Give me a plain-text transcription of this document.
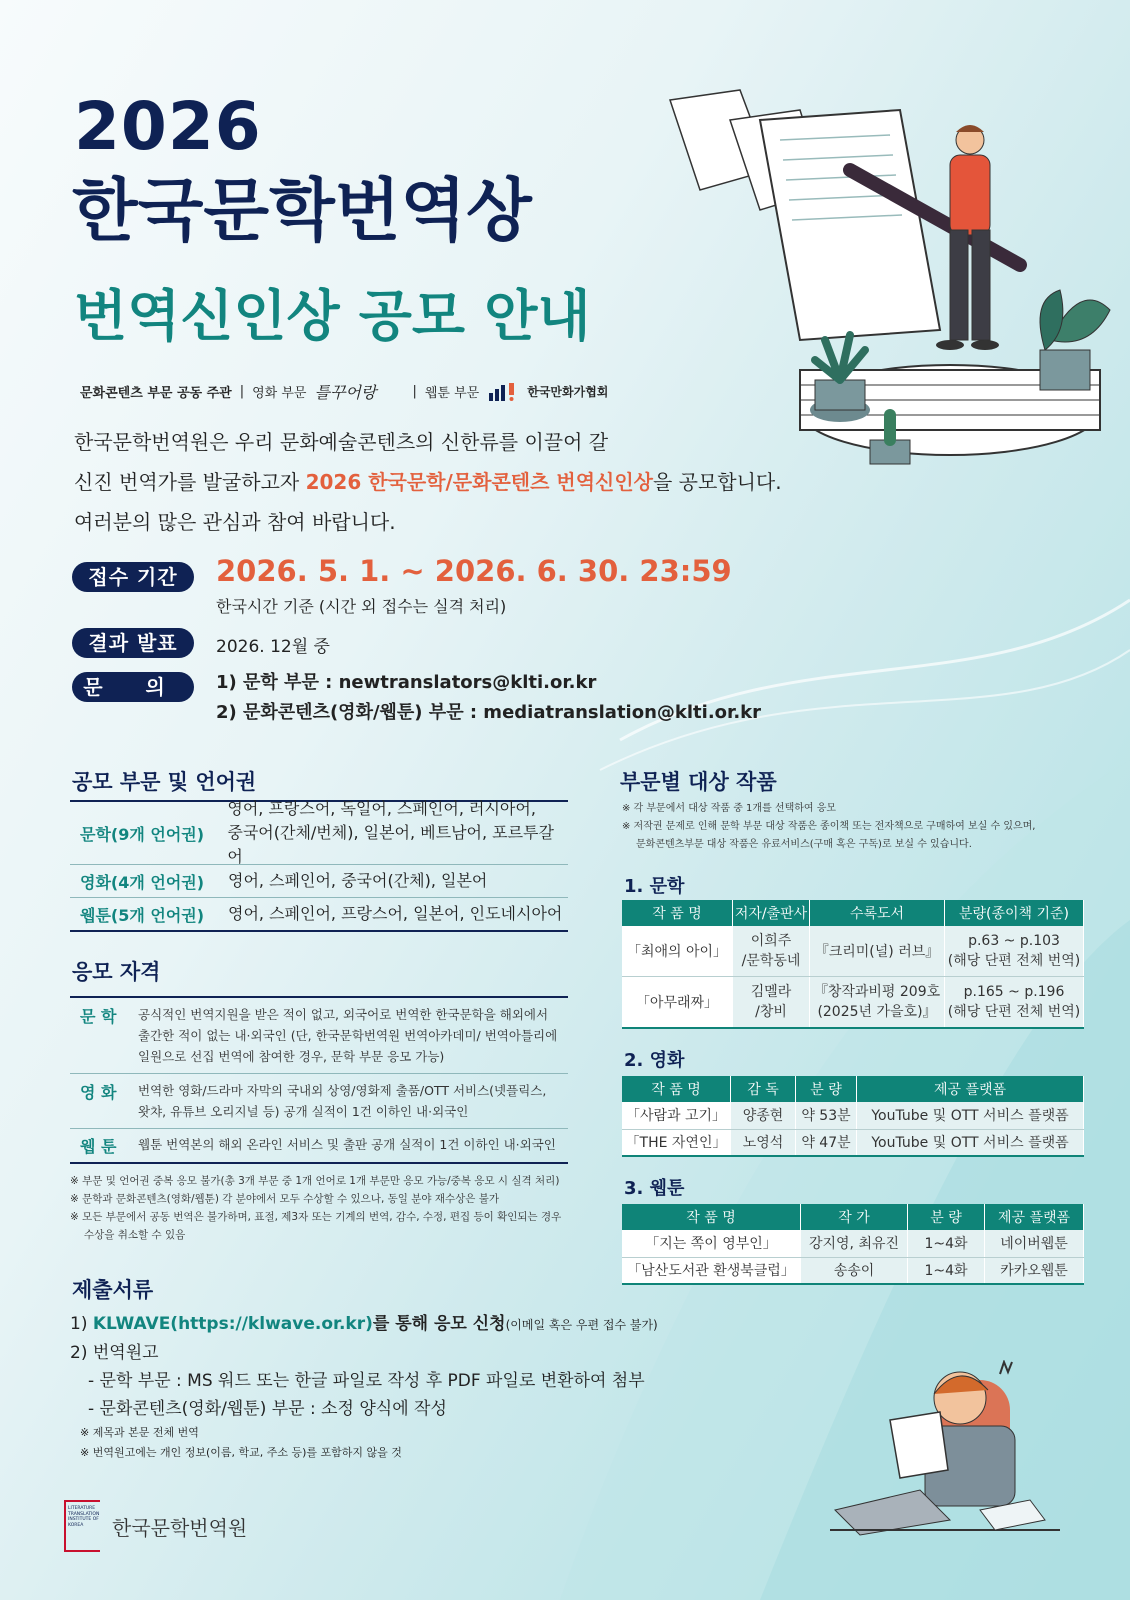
2026
한국문학번역상
번역신인상 공모 안내
문화콘텐츠 부문 공동 주관 | 영화 부문 틀꾸어랑	| 웹툰 부문	한국만화가협회
한국문학번역원은 우리 문화예술콘텐츠의 신한류를 이끌어 갈
신진 번역가를 발굴하고자 2026 한국문학/문화콘텐츠 번역신인상을 공모합니다.
여러분의 많은 관심과 참여 바랍니다.
접수 기간	2026. 5. 1. ~ 2026. 6. 30. 23:59
한국시간 기준 (시간 외 접수는 실격 처리)
결과 발표	2026. 12월 중
문 의	1) 문학 부문 : newtranslators@klti.or.kr
2) 문화콘텐츠(영화/웹툰) 부문 : mediatranslation@klti.or.kr
공모 부문 및 언어권
문학(9개 언어권)
영어, 프랑스어, 독일어, 스페인어, 러시아어,
중국어(간체/번체), 일본어, 베트남어, 포르투갈어
영화(4개 언어권)	영어, 스페인어, 중국어(간체), 일본어
웹툰(5개 언어권)	영어, 스페인어, 프랑스어, 일본어, 인도네시아어
응모 자격
문 학	공식적인 번역지원을 받은 적이 없고, 외국어로 번역한 한국문학을 해외에서
출간한 적이 없는 내·외국인 (단, 한국문학번역원 번역아카데미/ 번역아틀리에
일원으로 선집 번역에 참여한 경우, 문학 부문 응모 가능)
영 화	번역한 영화/드라마 자막의 국내외 상영/영화제 출품/OTT 서비스(넷플릭스,
왓챠, 유튜브 오리지널 등) 공개 실적이 1건 이하인 내·외국인
웹 툰	웹툰 번역본의 해외 온라인 서비스 및 출판 공개 실적이 1건 이하인 내·외국인
※ 부문 및 언어권 중복 응모 불가(총 3개 부문 중 1개 언어로 1개 부문만 응모 가능/중복 응모 시 실격 처리)
※ 문학과 문화콘텐츠(영화/웹툰) 각 분야에서 모두 수상할 수 있으나, 동일 분야 재수상은 불가
※ 모든 부문에서 공동 번역은 불가하며, 표절, 제3자 또는 기계의 번역, 감수, 수정, 편집 등이 확인되는 경우
수상을 취소할 수 있음
제출서류
1) KLWAVE(https://klwave.or.kr)를 통해 응모 신청(이메일 혹은 우편 접수 불가)
2) 번역원고
- 문학 부문 : MS 워드 또는 한글 파일로 작성 후 PDF 파일로 변환하여 첨부
- 문화콘텐츠(영화/웹툰) 부문 : 소정 양식에 작성
※ 제목과 본문 전체 번역
※ 번역원고에는 개인 정보(이름, 학교, 주소 등)를 포함하지 않을 것
부문별 대상 작품
※ 각 부문에서 대상 작품 중 1개를 선택하여 응모
※ 저작권 문제로 인해 문학 부문 대상 작품은 종이책 또는 전자책으로 구매하여 보실 수 있으며,
문화콘텐츠부문 대상 작품은 유료서비스(구매 혹은 구독)로 보실 수 있습니다.
1. 문학
작 품 명	저자/출판사	수록도서	분량(종이책 기준)
「최애의 아이」	이희주
/문학동네	『크리미(널) 러브』	p.63 ~ p.103
(해당 단편 전체 번역)
「아무래짜」	김멜라
/창비	『창작과비평 209호
(2025년 가을호)』	p.165 ~ p.196
(해당 단편 전체 번역)
2. 영화
작 품 명	감 독	분 량	제공 플랫폼
「사람과 고기」	양종현	약 53분	YouTube 및 OTT 서비스 플랫폼
「THE 자연인」	노영석	약 47분	YouTube 및 OTT 서비스 플랫폼
3. 웹툰
작 품 명	작 가	분 량	제공 플랫폼
「지는 쪽이 영부인」	강지영, 최유진	1~4화	네이버웹툰
「남산도서관 환생북클럽」	송송이	1~4화	카카오웹툰
LITERATURE
TRANSLATION
INSTITUTE OF
KOREA	한국문학번역원
